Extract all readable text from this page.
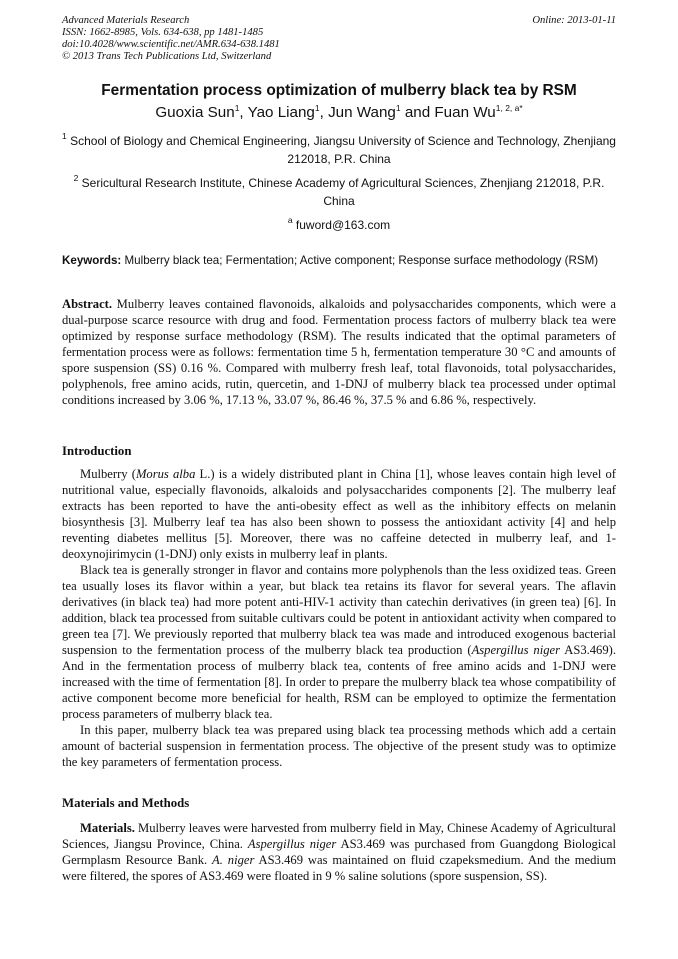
Advanced Materials Research
ISSN: 1662-8985, Vols. 634-638, pp 1481-1485
doi:10.4028/www.scientific.net/AMR.634-638.1481
© 2013 Trans Tech Publications Ltd, Switzerland
Online: 2013-01-11
Fermentation process optimization of mulberry black tea by RSM
Guoxia Sun$^1$, Yao Liang$^1$, Jun Wang$^1$ and Fuan $Wu^{1, 2, a*}$
$^1$ School of Biology and Chemical Engineering, Jiangsu University of Science and Technology, Zhenjiang 212018, P.R. China
$^2$ Sericultural Research Institute, Chinese Academy of Agricultural Sciences, Zhenjiang 212018, P.R. China
$^a$ fuword@163.com
Keywords: Mulberry black tea; Fermentation; Active component; Response surface methodology (RSM)

Abstract. Mulberry leaves contained flavonoids, alkaloids and polysaccharides components, which were a dual-purpose scarce resource with drug and food. Fermentation process factors of mulberry black tea were optimized by response surface methodology (RSM). The results indicated that the optimal parameters of fermentation process were as follows: fermentation time 5 h, fermentation temperature 30 °C and amounts of spore suspension (SS) 0.16 %. Compared with mulberry fresh leaf, total flavonoids, total polysaccharides, polyphenols, free amino acids, rutin, quercetin, and 1-DNJ of mulberry black tea processed under optimal conditions increased by 3.06 %, 17.13 %, 33.07 %, 86.46 %, 37.5 % and 6.86 %, respectively.

Introduction

Mulberry (Morus alba L.) is a widely distributed plant in China [1], whose leaves contain high level of nutritional value, especially flavonoids, alkaloids and polysaccharides components [2]. The mulberry leaf extracts has been reported to have the anti-obesity effect as well as the inhibitory effects on melanin biosynthesis [3]. Mulberry leaf tea has also been shown to possess the antioxidant activity [4] and help reventing diabetes mellitus [5]. Moreover, there was no caffeine detected in mulberry leaf, and 1-deoxynojirimycin (1-DNJ) only exists in mulberry leaf in plants.

Black tea is generally stronger in flavor and contains more polyphenols than the less oxidized teas. Green tea usually loses its flavor within a year, but black tea retains its flavor for several years. The aflavin derivatives (in black tea) had more potent anti-HIV-1 activity than catechin derivatives (in green tea) [6]. In addition, black tea processed from suitable cultivars could be potent in antioxidant activity when compared to green tea [7]. We previously reported that mulberry black tea was made and introduced exogenous bacterial suspension to the fermentation process of the mulberry black tea production (Aspergillus niger AS3.469). And in the fermentation process of mulberry black tea, contents of free amino acids and 1-DNJ were increased with the time of fermentation [8]. In order to prepare the mulberry black tea whose compatibility of active component become more beneficial for health, RSM can be employed to optimize the fermentation process parameters of mulberry black tea.

In this paper, mulberry black tea was prepared using black tea processing methods which add a certain amount of bacterial suspension in fermentation process. The objective of the present study was to optimize the key parameters of fermentation process.

Materials and Methods

Materials. Mulberry leaves were harvested from mulberry field in May, Chinese Academy of Agricultural Sciences, Jiangsu Province, China. Aspergillus niger AS3.469 was purchased from Guangdong Biological Germplasm Resource Bank. A. niger AS3.469 was maintained on fluid czapeksmedium. And the medium were filtered, the spores of AS3.469 were floated in 9 % saline solutions (spore suspension, SS).
